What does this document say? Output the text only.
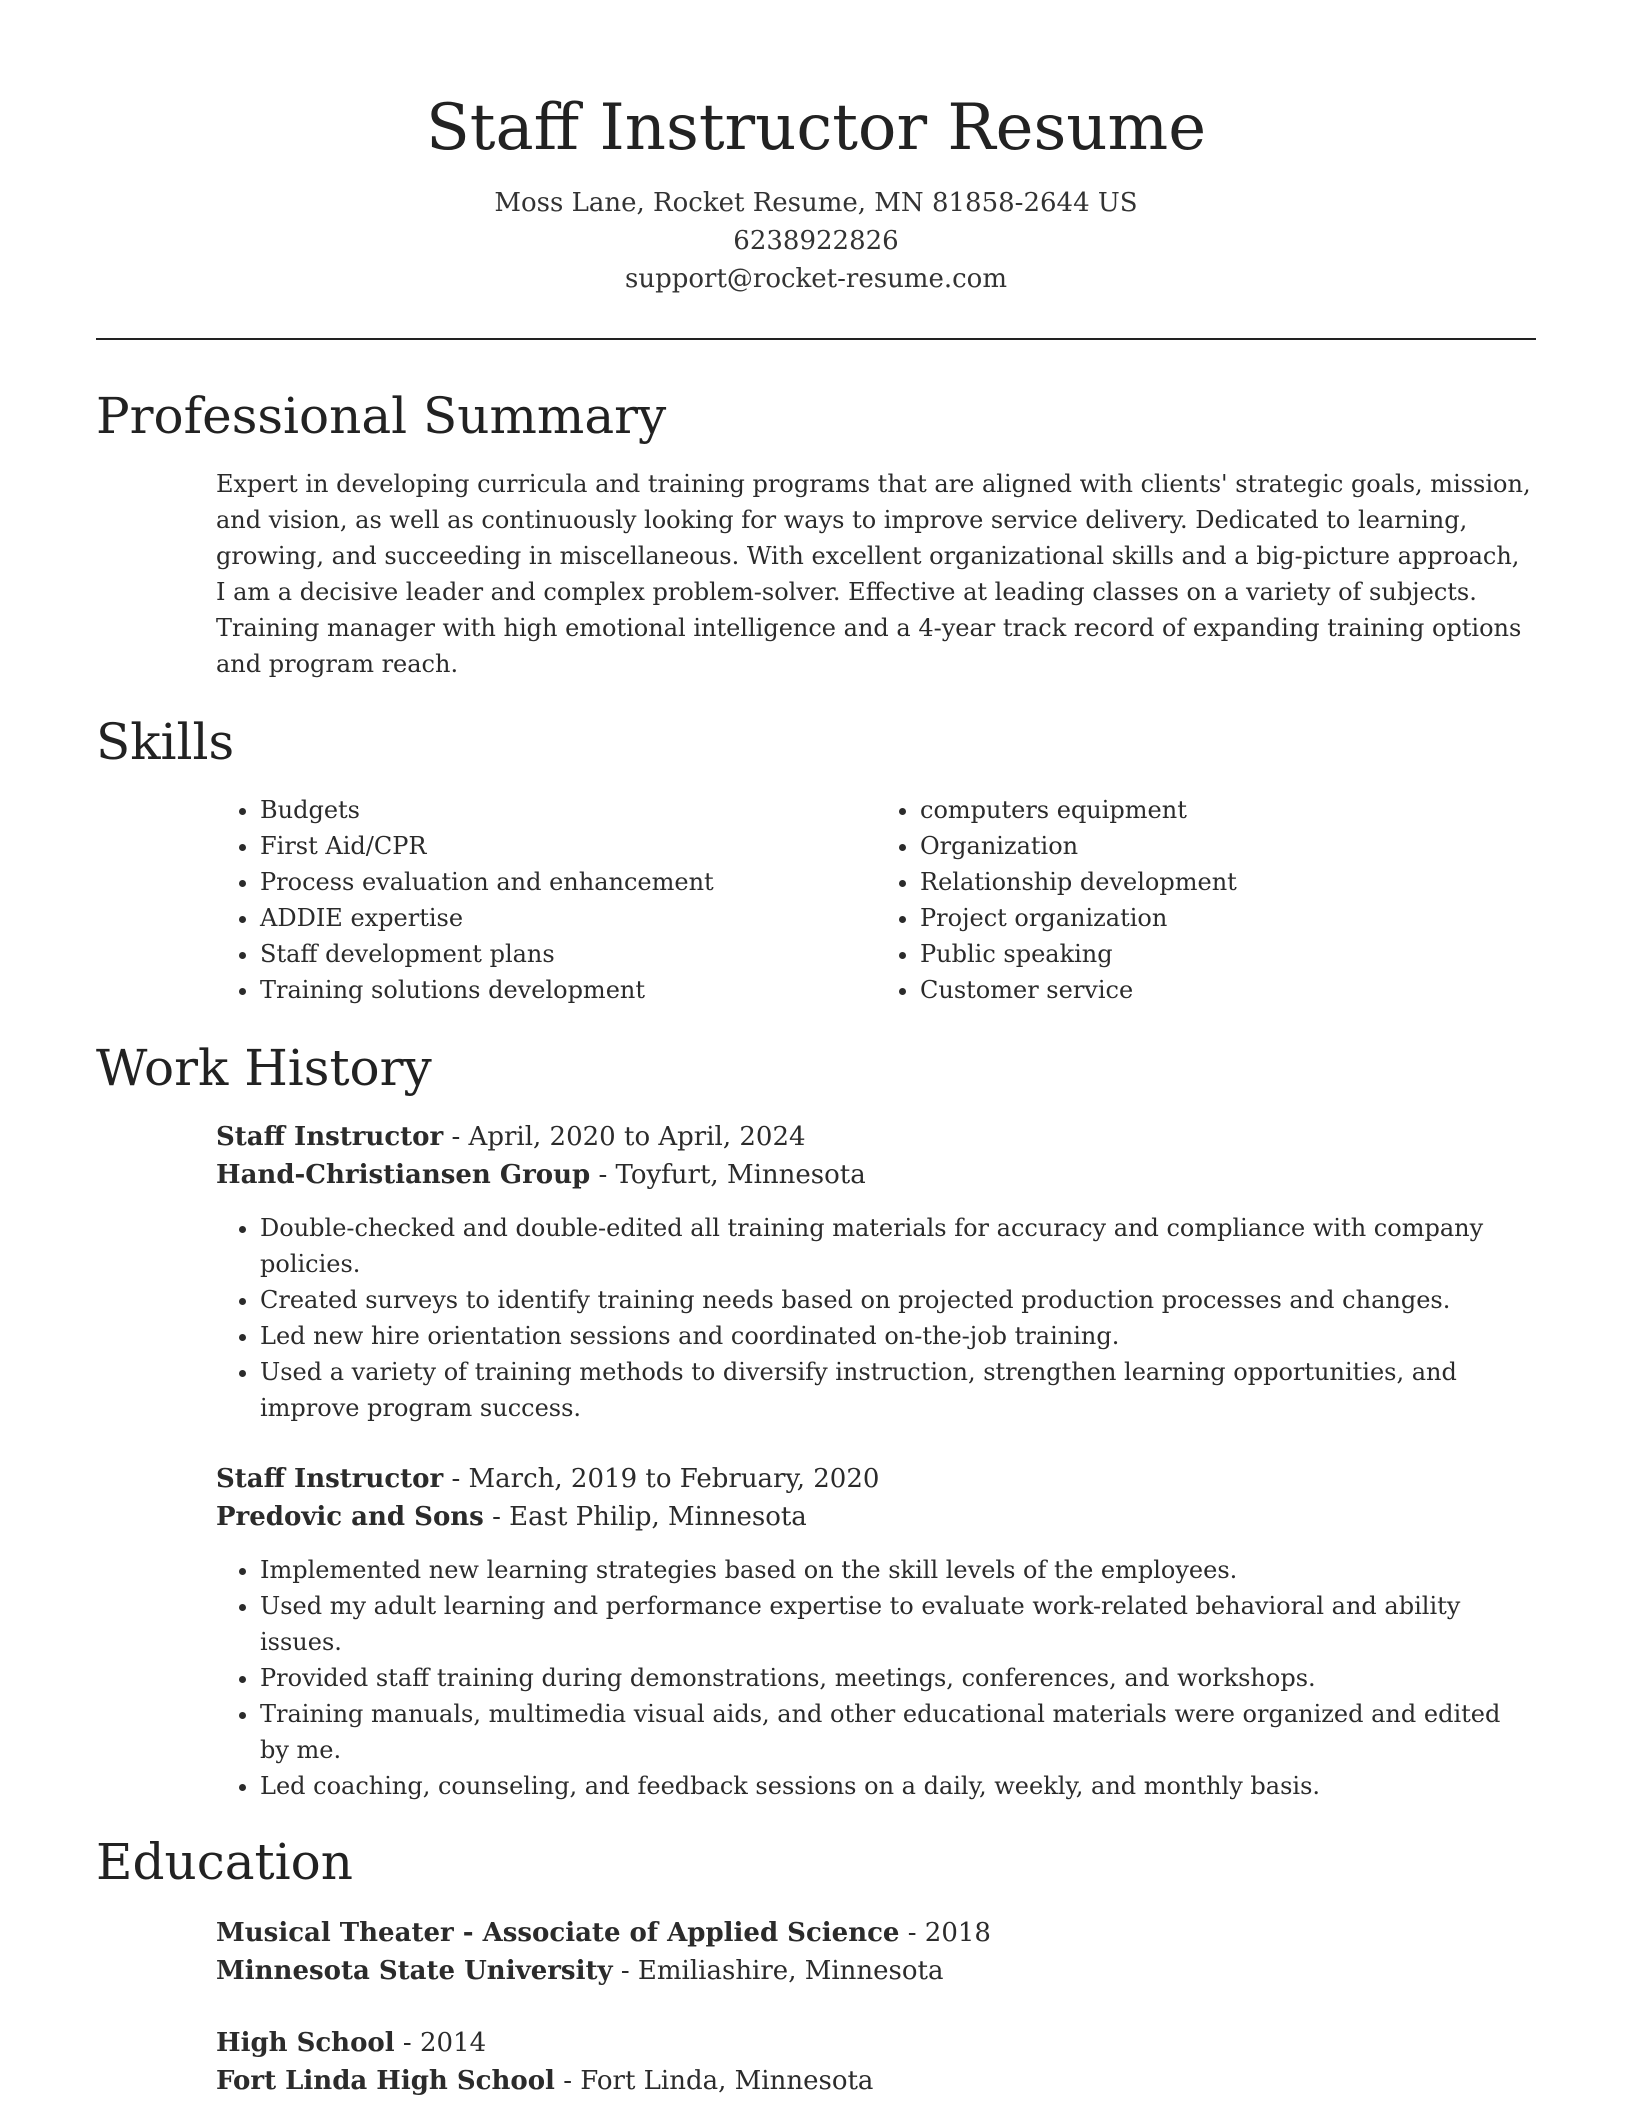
Staff Instructor Resume
Moss Lane, Rocket Resume, MN 81858-2644 US
6238922826
support@rocket-resume.com
Professional Summary

Expert in developing curricula and training programs that are aligned with clients' strategic goals, mission, and vision, as well as continuously looking for ways to improve service delivery. Dedicated to learning, growing, and succeeding in miscellaneous. With excellent organizational skills and a big-picture approach, I am a decisive leader and complex problem-solver. Effective at leading classes on a variety of subjects. Training manager with high emotional intelligence and a 4-year track record of expanding training options and program reach.

Skills
• Budgets
• First Aid/CPR
• Process evaluation and enhancement
• ADDIE expertise
• Staff development plans
• Training solutions development
• computers equipment
• Organization
• Relationship development
• Project organization
• Public speaking
• Customer service
Work History
Staff Instructor - April, 2020 to April, 2024
Hand-Christiansen Group - Toyfurt, Minnesota
• Double-checked and double-edited all training materials for accuracy and compliance with company policies.
• Created surveys to identify training needs based on projected production processes and changes.
• Led new hire orientation sessions and coordinated on-the-job training.
• Used a variety of training methods to diversify instruction, strengthen learning opportunities, and improve program success.
Staff Instructor - March, 2019 to February, 2020
Predovic and Sons - East Philip, Minnesota
• Implemented new learning strategies based on the skill levels of the employees.
• Used my adult learning and performance expertise to evaluate work-related behavioral and ability issues.
• Provided staff training during demonstrations, meetings, conferences, and workshops.
• Training manuals, multimedia visual aids, and other educational materials were organized and edited by me.
• Led coaching, counseling, and feedback sessions on a daily, weekly, and monthly basis.
Education
Musical Theater - Associate of Applied Science - 2018
Minnesota State University - Emiliashire, Minnesota
High School - 2014
Fort Linda High School - Fort Linda, Minnesota
